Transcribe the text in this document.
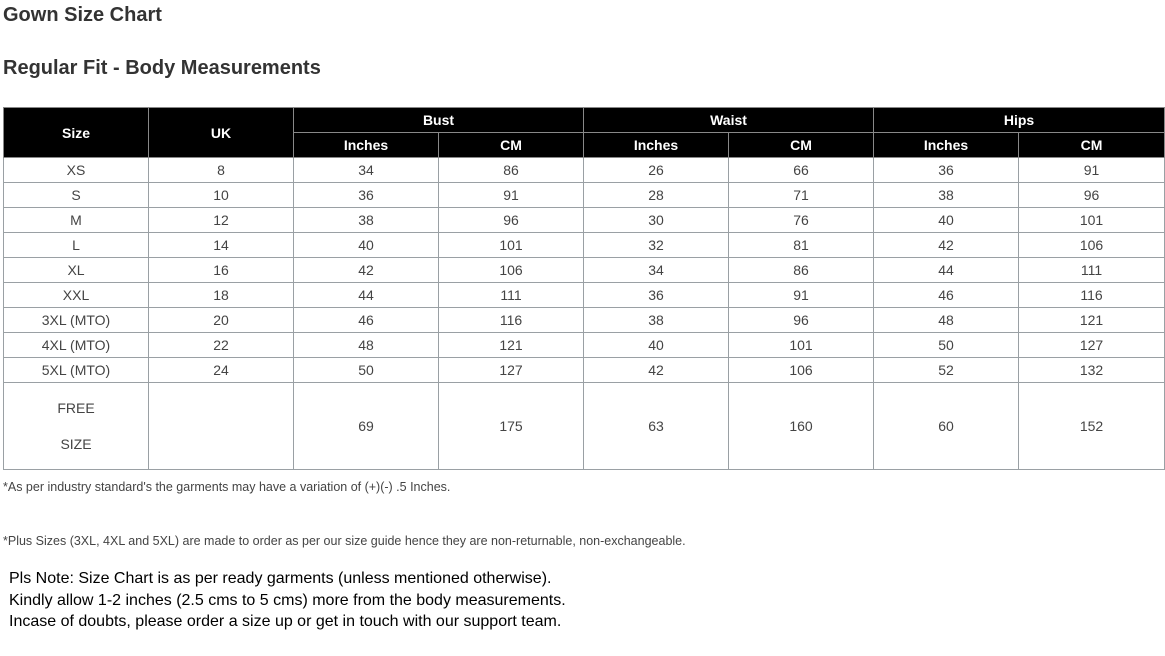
Gown Size Chart
Regular Fit - Body Measurements
Size	UK	Bust		Waist		Hips	
		Inches	CM	Inches	CM	Inches	CM
XS	8	34	86	26	66	36	91
S	10	36	91	28	71	38	96
M	12	38	96	30	76	40	101
L	14	40	101	32	81	42	106
XL	16	42	106	34	86	44	111
XXL	18	44	111	36	91	46	116
3XL (MTO)	20	46	116	38	96	48	121
4XL (MTO)	22	48	121	40	101	50	127
5XL (MTO)	24	50	127	42	106	52	132

FREE
SIZE		69	175	63	160	60	152

*As per industry standard's the garments may have a variation of (+)(-) .5 Inches.

*Plus Sizes (3XL, 4XL and 5XL) are made to order as per our size guide hence they are non-returnable, non-exchangeable.

Pls Note: Size Chart is as per ready garments (unless mentioned otherwise).
Kindly allow 1-2 inches (2.5 cms to 5 cms) more from the body measurements.
Incase of doubts, please order a size up or get in touch with our support team.
